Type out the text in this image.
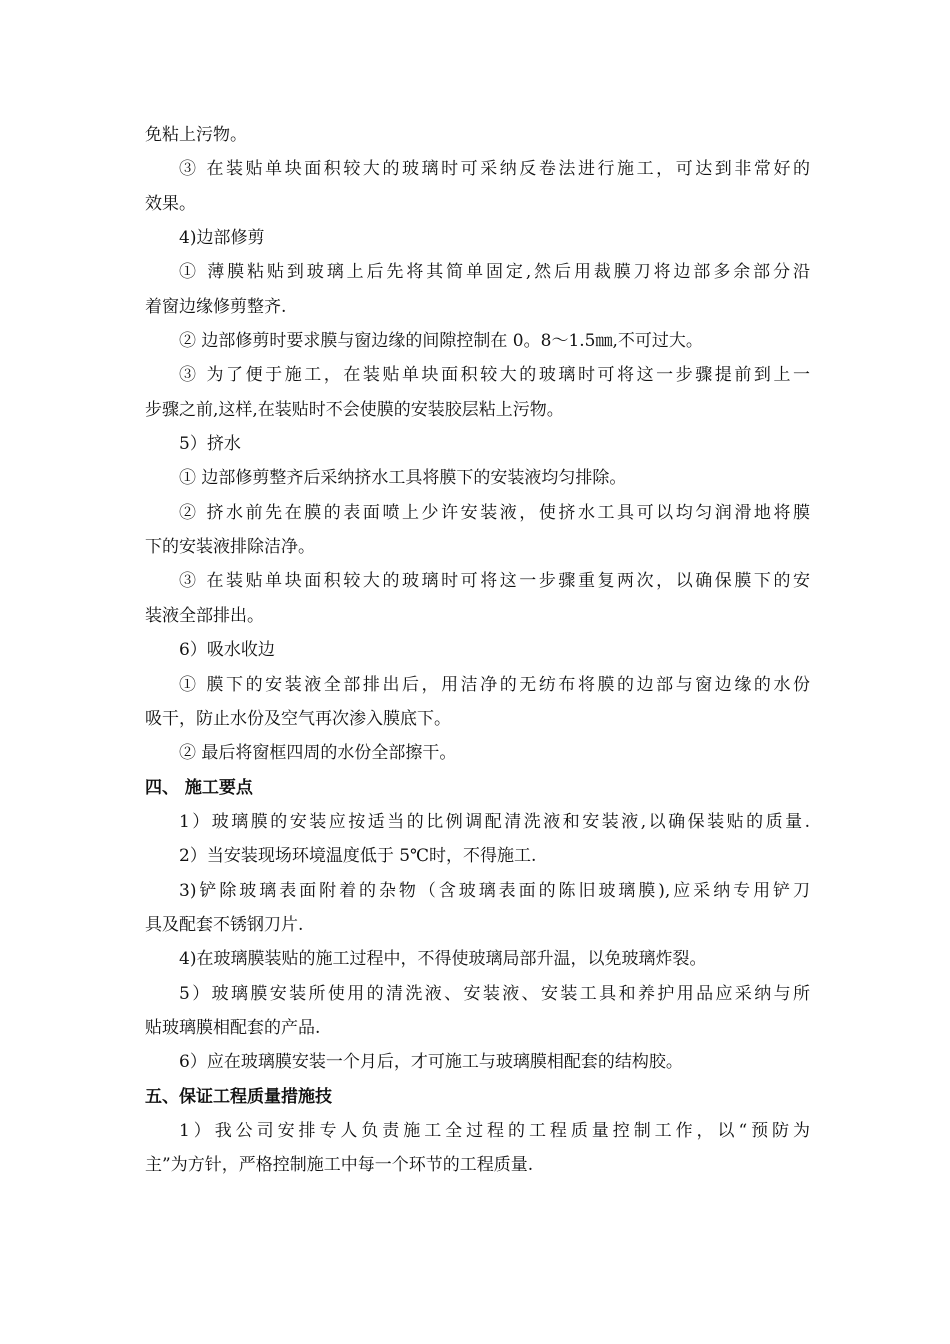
免粘上污物。
③ 在装贴单块面积较大的玻璃时可采纳反卷法进行施工，可达到非常好的
效果。
4)边部修剪
① 薄膜粘贴到玻璃上后先将其简单固定,然后用裁膜刀将边部多余部分沿
着窗边缘修剪整齐.
② 边部修剪时要求膜与窗边缘的间隙控制在 0。8～1.5㎜,不可过大。
③ 为了便于施工，在装贴单块面积较大的玻璃时可将这一步骤提前到上一
步骤之前,这样,在装贴时不会使膜的安装胶层粘上污物。
5）挤水
① 边部修剪整齐后采纳挤水工具将膜下的安装液均匀排除。
② 挤水前先在膜的表面喷上少许安装液，使挤水工具可以均匀润滑地将膜
下的安装液排除洁净。
③ 在装贴单块面积较大的玻璃时可将这一步骤重复两次，以确保膜下的安
装液全部排出。
6）吸水收边
① 膜下的安装液全部排出后，用洁净的无纺布将膜的边部与窗边缘的水份
吸干，防止水份及空气再次渗入膜底下。
② 最后将窗框四周的水份全部擦干。
四、 施工要点
1）玻璃膜的安装应按适当的比例调配清洗液和安装液,以确保装贴的质量.
2）当安装现场环境温度低于 5℃时，不得施工.
3)铲除玻璃表面附着的杂物（含玻璃表面的陈旧玻璃膜),应采纳专用铲刀
具及配套不锈钢刀片.
4)在玻璃膜装贴的施工过程中，不得使玻璃局部升温，以免玻璃炸裂。
5）玻璃膜安装所使用的清洗液、安装液、安装工具和养护用品应采纳与所
贴玻璃膜相配套的产品.
6）应在玻璃膜安装一个月后，才可施工与玻璃膜相配套的结构胶。
五、保证工程质量措施技
1）我公司安排专人负责施工全过程的工程质量控制工作，以“预防为
主”为方针，严格控制施工中每一个环节的工程质量.
